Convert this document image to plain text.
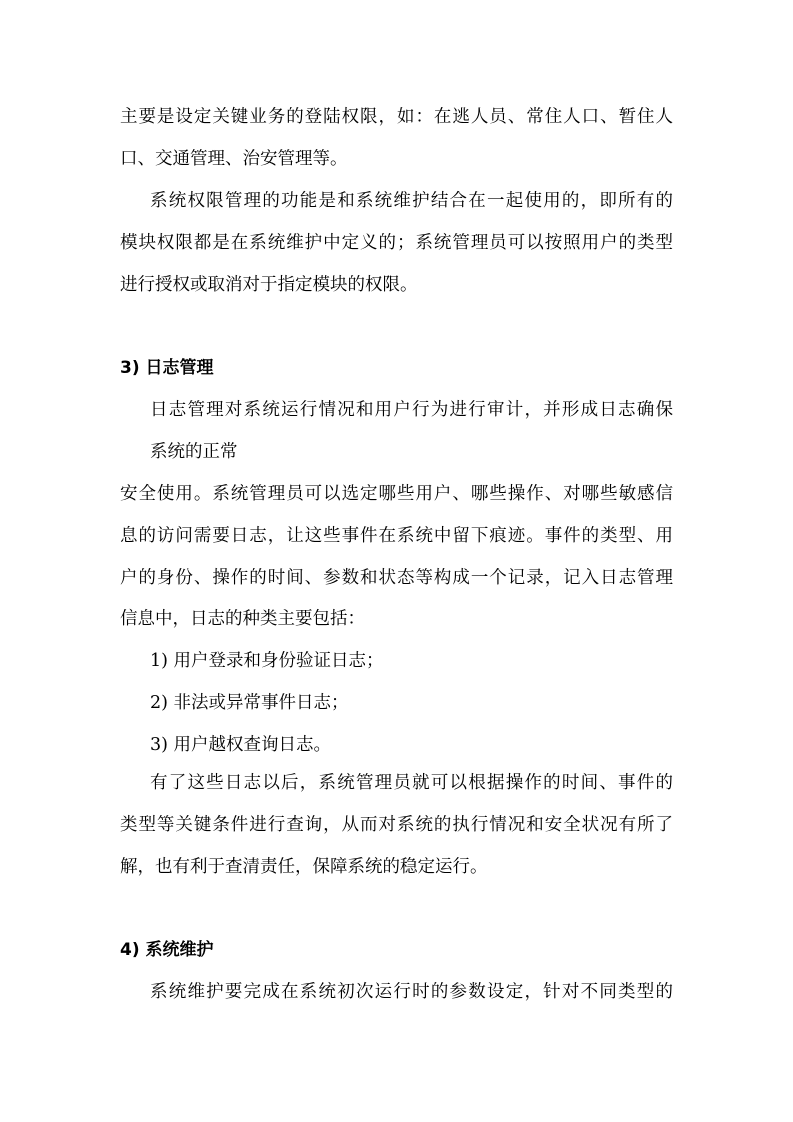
主要是设定关键业务的登陆权限，如：在逃人员、常住人口、暂住人
口、交通管理、治安管理等。
系统权限管理的功能是和系统维护结合在一起使用的，即所有的
模块权限都是在系统维护中定义的；系统管理员可以按照用户的类型
进行授权或取消对于指定模块的权限。
3) 日志管理
日志管理对系统运行情况和用户行为进行审计，并形成日志确保
系统的正常
安全使用。系统管理员可以选定哪些用户、哪些操作、对哪些敏感信
息的访问需要日志，让这些事件在系统中留下痕迹。事件的类型、用
户的身份、操作的时间、参数和状态等构成一个记录，记入日志管理
信息中，日志的种类主要包括：
1) 用户登录和身份验证日志；
2) 非法或异常事件日志；
3) 用户越权查询日志。
有了这些日志以后，系统管理员就可以根据操作的时间、事件的
类型等关键条件进行查询，从而对系统的执行情况和安全状况有所了
解，也有利于查清责任，保障系统的稳定运行。
4) 系统维护
系统维护要完成在系统初次运行时的参数设定，针对不同类型的
